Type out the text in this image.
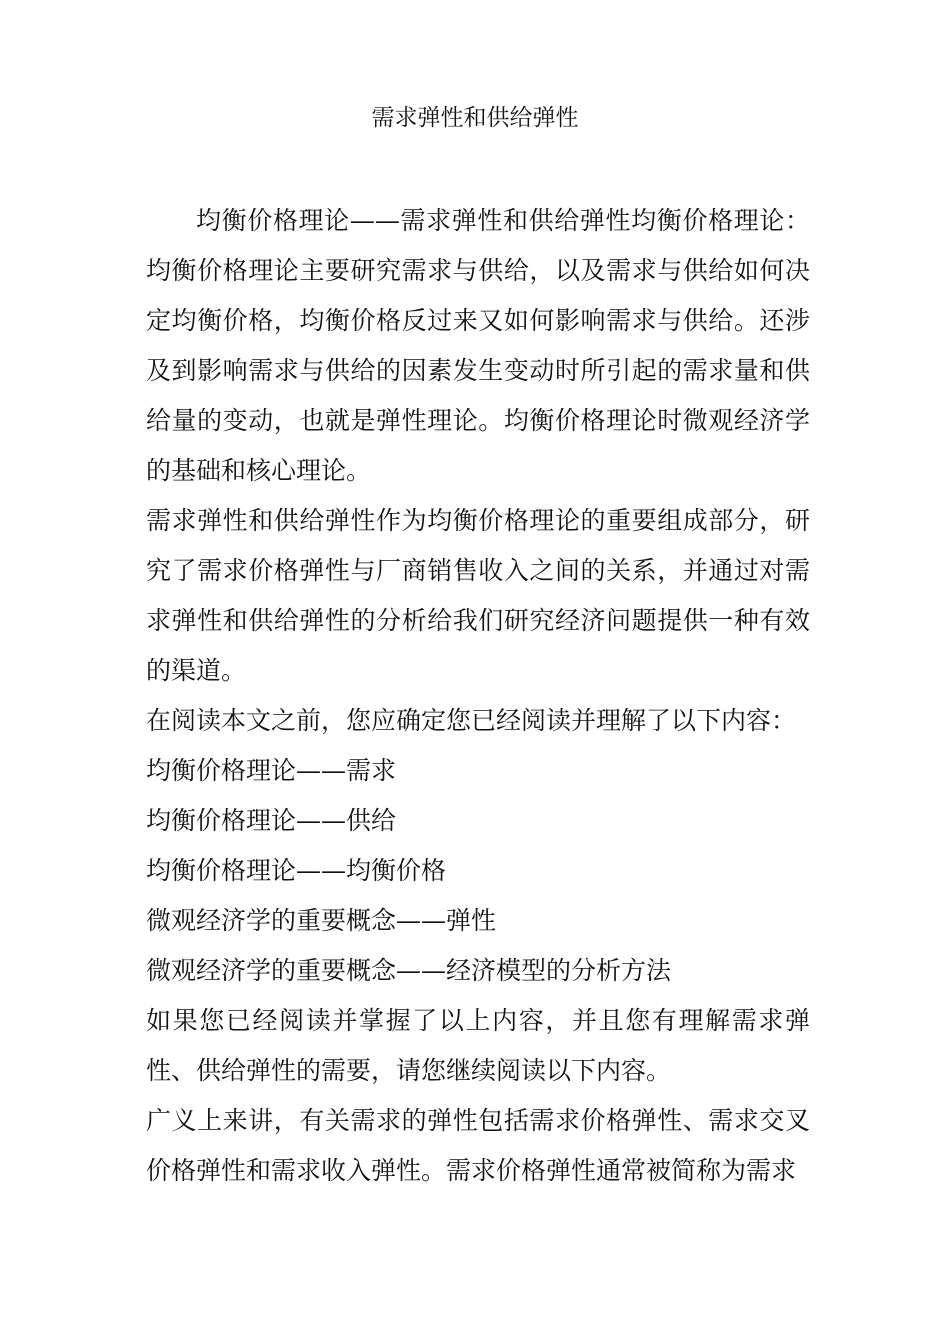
需求弹性和供给弹性

均衡价格理论——需求弹性和供给弹性均衡价格理论：均衡价格理论主要研究需求与供给，以及需求与供给如何决定均衡价格，均衡价格反过来又如何影响需求与供给。还涉及到影响需求与供给的因素发生变动时所引起的需求量和供给量的变动，也就是弹性理论。均衡价格理论时微观经济学的基础和核心理论。

需求弹性和供给弹性作为均衡价格理论的重要组成部分，研究了需求价格弹性与厂商销售收入之间的关系，并通过对需求弹性和供给弹性的分析给我们研究经济问题提供一种有效的渠道。

在阅读本文之前，您应确定您已经阅读并理解了以下内容：

均衡价格理论——需求

均衡价格理论——供给

均衡价格理论——均衡价格

微观经济学的重要概念——弹性

微观经济学的重要概念——经济模型的分析方法

如果您已经阅读并掌握了以上内容，并且您有理解需求弹性、供给弹性的需要，请您继续阅读以下内容。

广义上来讲，有关需求的弹性包括需求价格弹性、需求交叉价格弹性和需求收入弹性。需求价格弹性通常被简称为需求
